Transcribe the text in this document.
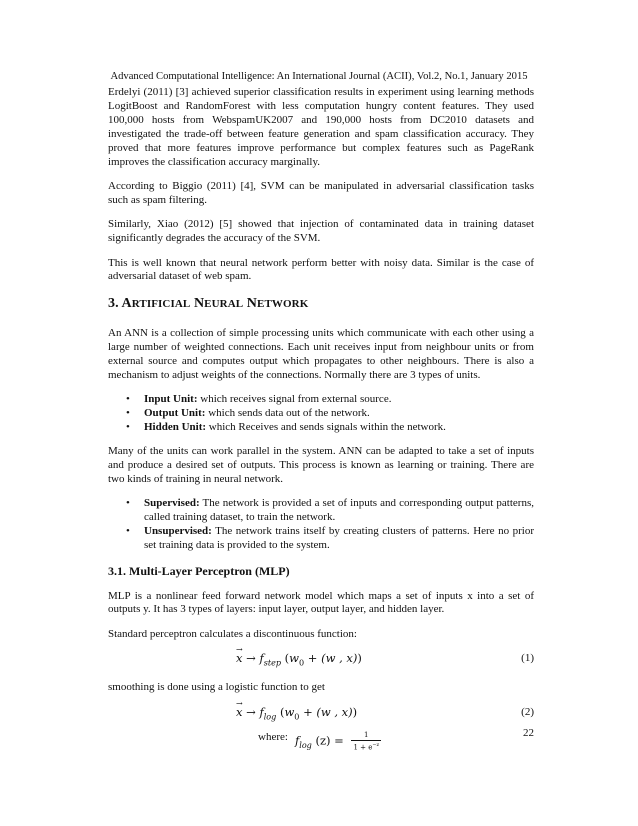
Advanced Computational Intelligence: An International Journal (ACII), Vol.2, No.1, January 2015

Erdelyi (2011) [3] achieved superior classification results in experiment using learning methods LogitBoost and RandomForest with less computation hungry content features. They used 100,000 hosts from WebspamUK2007 and 190,000 hosts from DC2010 datasets and investigated the trade-off between feature generation and spam classification accuracy. They proved that more features improve performance but complex features such as PageRank improves the classification accuracy marginally.

According to Biggio (2011) [4], SVM can be manipulated in adversarial classification tasks such as spam filtering.

Similarly, Xiao (2012) [5] showed that injection of contaminated data in training dataset significantly degrades the accuracy of the SVM.

This is well known that neural network perform better with noisy data. Similar is the case of adversarial dataset of web spam.

3. ARTIFICIAL NEURAL NETWORK

An ANN is a collection of simple processing units which communicate with each other using a large number of weighted connections. Each unit receives input from neighbour units or from external source and computes output which propagates to other neighbours. There is also a mechanism to adjust weights of the connections. Normally there are 3 types of units.

•	Input Unit: which receives signal from external source.
•	Output Unit: which sends data out of the network.
•	Hidden Unit: which Receives and sends signals within the network.

Many of the units can work parallel in the system. ANN can be adapted to take a set of inputs and produce a desired set of outputs. This process is known as learning or training. There are two kinds of training in neural network.

•	Supervised: The network is provided a set of inputs and corresponding output patterns, called training dataset, to train the network.
•	Unsupervised: The network trains itself by creating clusters of patterns. Here no prior set training data is provided to the system.
3.1. Multi-Layer Perceptron (MLP)

MLP is a nonlinear feed forward network model which maps a set of inputs x into a set of outputs y. It has 3 types of layers: input layer, output layer, and hidden layer.

Standard perceptron calculates a discontinuous function:

→ $x \to f_{step}$ ($w_0 + (w$ , x))	(1)

smoothing is done using a logistic function to get

→ $x \to f_{log}$ ($w_0 + (w$ , x))	(2)
where: $f_{log}$ $(z) = \frac{1}{1 + e^{-z}}$	22
